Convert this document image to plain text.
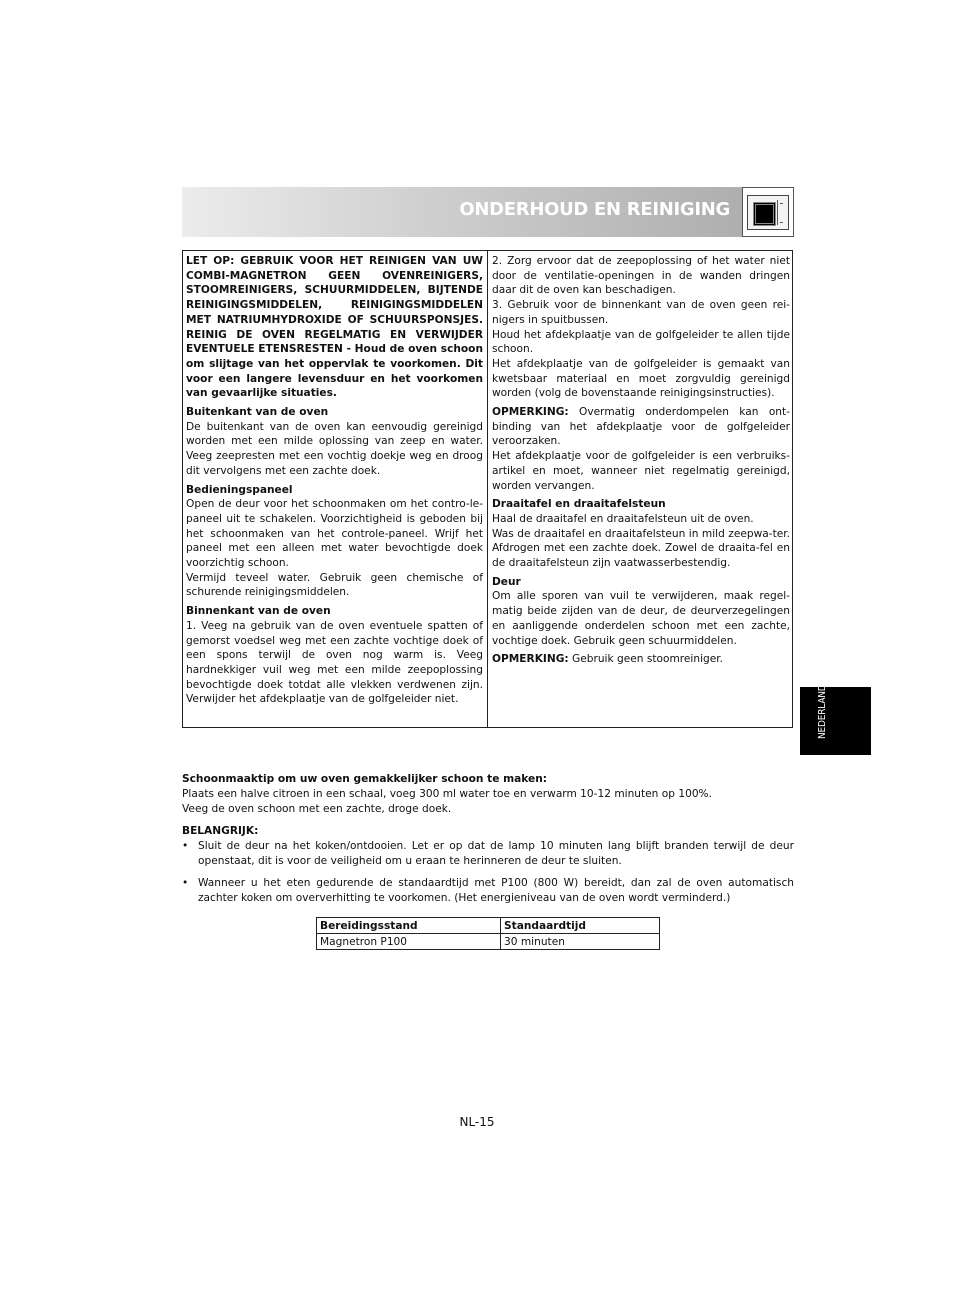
ONDERHOUD EN REINIGING

LET OP: GEBRUIK VOOR HET REINIGEN VAN UW COMBI-MAGNETRON GEEN OVENREINIGERS, STOOMREINIGERS, SCHUURMIDDELEN, BIJTENDE REINIGINGSMIDDELEN, REINIGINGSMIDDELEN MET NATRIUMHYDROXIDE OF SCHUURSPONSJES. REINIG DE OVEN REGELMATIG EN VERWIJDER EVENTUELE ETENSRESTEN - Houd de oven schoon om slijtage van het oppervlak te voorkomen. Dit voor een langere levensduur en het voorkomen van gevaarlijke situaties.

Buitenkant van de oven

De buitenkant van de oven kan eenvoudig gereinigd worden met een milde oplossing van zeep en water. Veeg zeepresten met een vochtig doekje weg en droog dit vervolgens met een zachte doek.

Bedieningspaneel

Open de deur voor het schoonmaken om het contro-le-paneel uit te schakelen. Voorzichtigheid is geboden bij het schoonmaken van het controle-paneel. Wrijf het paneel met een alleen met water bevochtigde doek voorzichtig schoon.

Vermijd teveel water. Gebruik geen chemische of schurende reinigingsmiddelen.

Binnenkant van de oven

1. Veeg na gebruik van de oven eventuele spatten of gemorst voedsel weg met een zachte vochtige doek of een spons terwijl de oven nog warm is. Veeg hardnekkiger vuil weg met een milde zeepoplossing bevochtigde doek totdat alle vlekken verdwenen zijn. Verwijder het afdekplaatje van de golfgeleider niet.

2. Zorg ervoor dat de zeepoplossing of het water niet door de ventilatie-openingen in de wanden dringen daar dit de oven kan beschadigen.

3. Gebruik voor de binnenkant van de oven geen rei-nigers in spuitbussen.

Houd het afdekplaatje van de golfgeleider te allen tijde schoon.

Het afdekplaatje van de golfgeleider is gemaakt van kwetsbaar materiaal en moet zorgvuldig gereinigd worden (volg de bovenstaande reinigingsinstructies).

OPMERKING: Overmatig onderdompelen kan ont-binding van het afdekplaatje voor de golfgeleider veroorzaken.

Het afdekplaatje voor de golfgeleider is een verbruiks-artikel en moet, wanneer niet regelmatig gereinigd, worden vervangen.

Draaitafel en draaitafelsteun

Haal de draaitafel en draaitafelsteun uit de oven.

Was de draaitafel en draaitafelsteun in mild zeepwa-ter. Afdrogen met een zachte doek. Zowel de draaita-fel en de draaitafelsteun zijn vaatwasserbestendig.

Deur

Om alle sporen van vuil te verwijderen, maak regel-matig beide zijden van de deur, de deurverzegelingen en aanliggende onderdelen schoon met een zachte, vochtige doek. Gebruik geen schuurmiddelen.

OPMERKING: Gebruik geen stoomreiniger.

NEDERLANDS

Schoonmaaktip om uw oven gemakkelijker schoon te maken:

Plaats een halve citroen in een schaal, voeg 300 ml water toe en verwarm 10-12 minuten op 100%.

Veeg de oven schoon met een zachte, droge doek.

BELANGRIJK:

• Sluit de deur na het koken/ontdooien. Let er op dat de lamp 10 minuten lang blijft branden terwijl de deur openstaat, dit is voor de veiligheid om u eraan te herinneren de deur te sluiten.

• Wanneer u het eten gedurende de standaardtijd met P100 (800 W) bereidt, dan zal de oven automatisch zachter koken om oververhitting te voorkomen. (Het energieniveau van de oven wordt verminderd.)

Bereidingsstand	Standaardtijd
Magnetron P100	30 minuten
NL-15
